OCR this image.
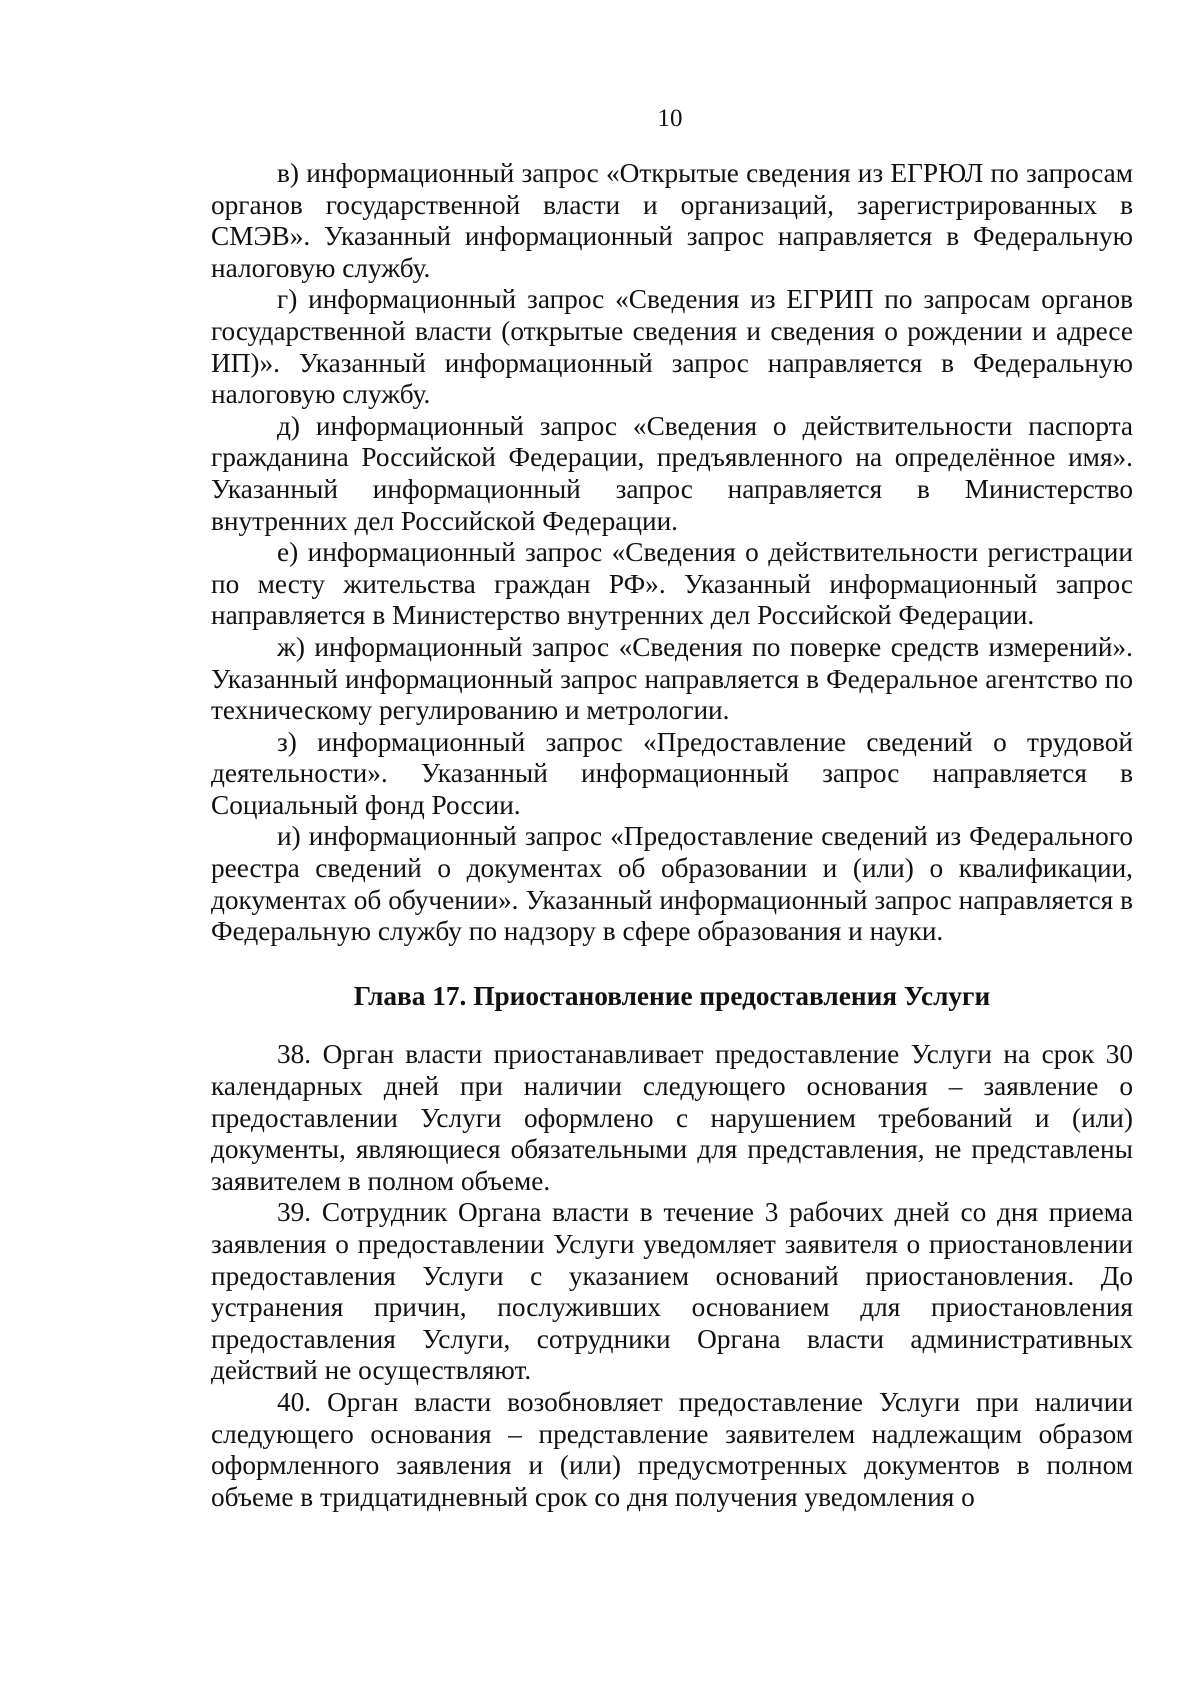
10

в) информационный запрос «Открытые сведения из ЕГРЮЛ по запросам органов государственной власти и организаций, зарегистрированных в СМЭВ». Указанный информационный запрос направляется в Федеральную налоговую службу.

г) информационный запрос «Сведения из ЕГРИП по запросам органов государственной власти (открытые сведения и сведения о рождении и адресе ИП)». Указанный информационный запрос направляется в Федеральную налоговую службу.

д) информационный запрос «Сведения о действительности паспорта гражданина Российской Федерации, предъявленного на определённое имя». Указанный информационный запрос направляется в Министерство внутренних дел Российской Федерации.

е) информационный запрос «Сведения о действительности регистрации по месту жительства граждан РФ». Указанный информационный запрос направляется в Министерство внутренних дел Российской Федерации.

ж) информационный запрос «Сведения по поверке средств измерений». Указанный информационный запрос направляется в Федеральное агентство по техническому регулированию и метрологии.

з) информационный запрос «Предоставление сведений о трудовой деятельности». Указанный информационный запрос направляется в Социальный фонд России.

и) информационный запрос «Предоставление сведений из Федерального реестра сведений о документах об образовании и (или) о квалификации, документах об обучении». Указанный информационный запрос направляется в Федеральную службу по надзору в сфере образования и науки.

Глава 17. Приостановление предоставления Услуги

38. Орган власти приостанавливает предоставление Услуги на срок 30 календарных дней при наличии следующего основания – заявление о предоставлении Услуги оформлено с нарушением требований и (или) документы, являющиеся обязательными для представления, не представлены заявителем в полном объеме.

39. Сотрудник Органа власти в течение 3 рабочих дней со дня приема заявления о предоставлении Услуги уведомляет заявителя о приостановлении предоставления Услуги с указанием оснований приостановления. До устранения причин, послуживших основанием для приостановления предоставления Услуги, сотрудники Органа власти административных действий не осуществляют.

40. Орган власти возобновляет предоставление Услуги при наличии следующего основания – представление заявителем надлежащим образом оформленного заявления и (или) предусмотренных документов в полном объеме в тридцатидневный срок со дня получения уведомления о
